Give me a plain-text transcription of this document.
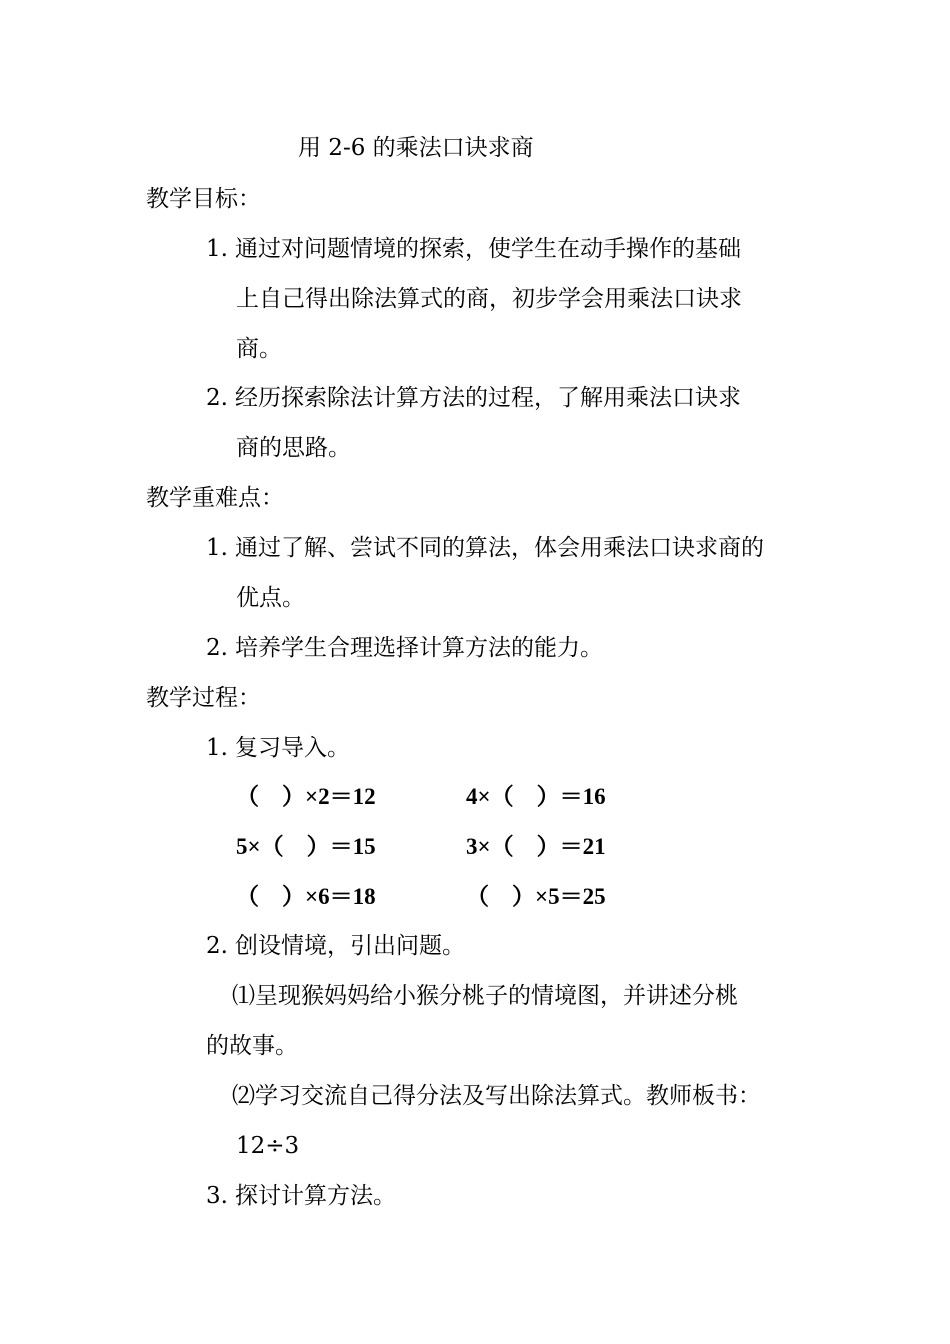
用 2-6 的乘法口诀求商
教学目标：
1. 通过对问题情境的探索，使学生在动手操作的基础
上自己得出除法算式的商，初步学会用乘法口诀求
商。
2. 经历探索除法计算方法的过程，了解用乘法口诀求
商的思路。
教学重难点：
1. 通过了解、尝试不同的算法，体会用乘法口诀求商的
优点。
2. 培养学生合理选择计算方法的能力。
教学过程：
1. 复习导入。
（　）×2＝12	4×（　）＝16
5×（　）＝15	3×（　）＝21
（　）×6＝18	（　）×5＝25
2. 创设情境，引出问题。
⑴呈现猴妈妈给小猴分桃子的情境图，并讲述分桃
的故事。
⑵学习交流自己得分法及写出除法算式。教师板书：
12÷3
3. 探讨计算方法。
